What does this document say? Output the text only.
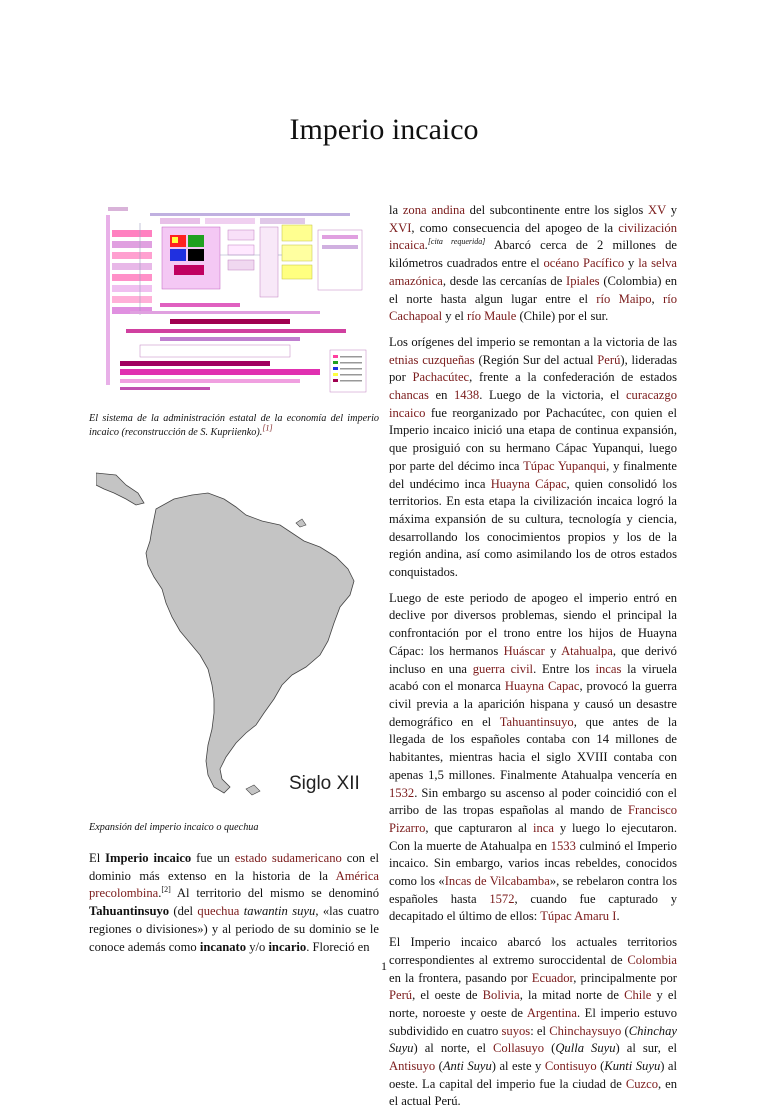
Imperio incaico

El sistema de la administración estatal de la economía del imperio incaico (reconstrucción de S. Kupriienko).[1]

Siglo XII

Expansión del imperio incaico o quechua

El Imperio incaico fue un estado sudamericano con el dominio más extenso en la historia de la América precolombina.[2] Al territorio del mismo se denominó Tahuantinsuyo (del quechua tawantin suyu, «las cuatro regiones o divisiones») y al periodo de su dominio se le conoce además como incanato y/o incario. Floreció en

la zona andina del subcontinente entre los siglos XV y XVI, como consecuencia del apogeo de la civilización incaica.[cita requerida] Abarcó cerca de 2 millones de kilómetros cuadrados entre el océano Pacífico y la selva amazónica, desde las cercanías de Ipiales (Colombia) en el norte hasta algun lugar entre el río Maipo, río Cachapoal y el río Maule (Chile) por el sur.

Los orígenes del imperio se remontan a la victoria de las etnias cuzqueñas (Región Sur del actual Perú), lideradas por Pachacútec, frente a la confederación de estados chancas en 1438. Luego de la victoria, el curacazgo incaico fue reorganizado por Pachacútec, con quien el Imperio incaico inició una etapa de continua expansión, que prosiguió con su hermano Cápac Yupanqui, luego por parte del décimo inca Túpac Yupanqui, y finalmente del undécimo inca Huayna Cápac, quien consolidó los territorios. En esta etapa la civilización incaica logró la máxima expansión de su cultura, tecnología y ciencia, desarrollando los conocimientos propios y los de la región andina, así como asimilando los de otros estados conquistados.

Luego de este periodo de apogeo el imperio entró en declive por diversos problemas, siendo el principal la confrontación por el trono entre los hijos de Huayna Cápac: los hermanos Huáscar y Atahualpa, que derivó incluso en una guerra civil. Entre los incas la viruela acabó con el monarca Huayna Capac, provocó la guerra civil previa a la aparición hispana y causó un desastre demográfico en el Tahuantinsuyo, que antes de la llegada de los españoles contaba con 14 millones de habitantes, mientras hacia el siglo XVIII contaba con apenas 1,5 millones. Finalmente Atahualpa vencería en 1532. Sin embargo su ascenso al poder coincidió con el arribo de las tropas españolas al mando de Francisco Pizarro, que capturaron al inca y luego lo ejecutaron. Con la muerte de Atahualpa en 1533 culminó el Imperio incaico. Sin embargo, varios incas rebeldes, conocidos como los «Incas de Vilcabamba», se rebelaron contra los españoles hasta 1572, cuando fue capturado y decapitado el último de ellos: Túpac Amaru I.

El Imperio incaico abarcó los actuales territorios correspondientes al extremo suroccidental de Colombia en la frontera, pasando por Ecuador, principalmente por Perú, el oeste de Bolivia, la mitad norte de Chile y el norte, noroeste y oeste de Argentina. El imperio estuvo subdividido en cuatro suyos: el Chinchaysuyo (Chinchay Suyu) al norte, el Collasuyo (Qulla Suyu) al sur, el Antisuyo (Anti Suyu) al este y Contisuyo (Kunti Suyu) al oeste. La capital del imperio fue la ciudad de Cuzco, en el actual Perú.

1
